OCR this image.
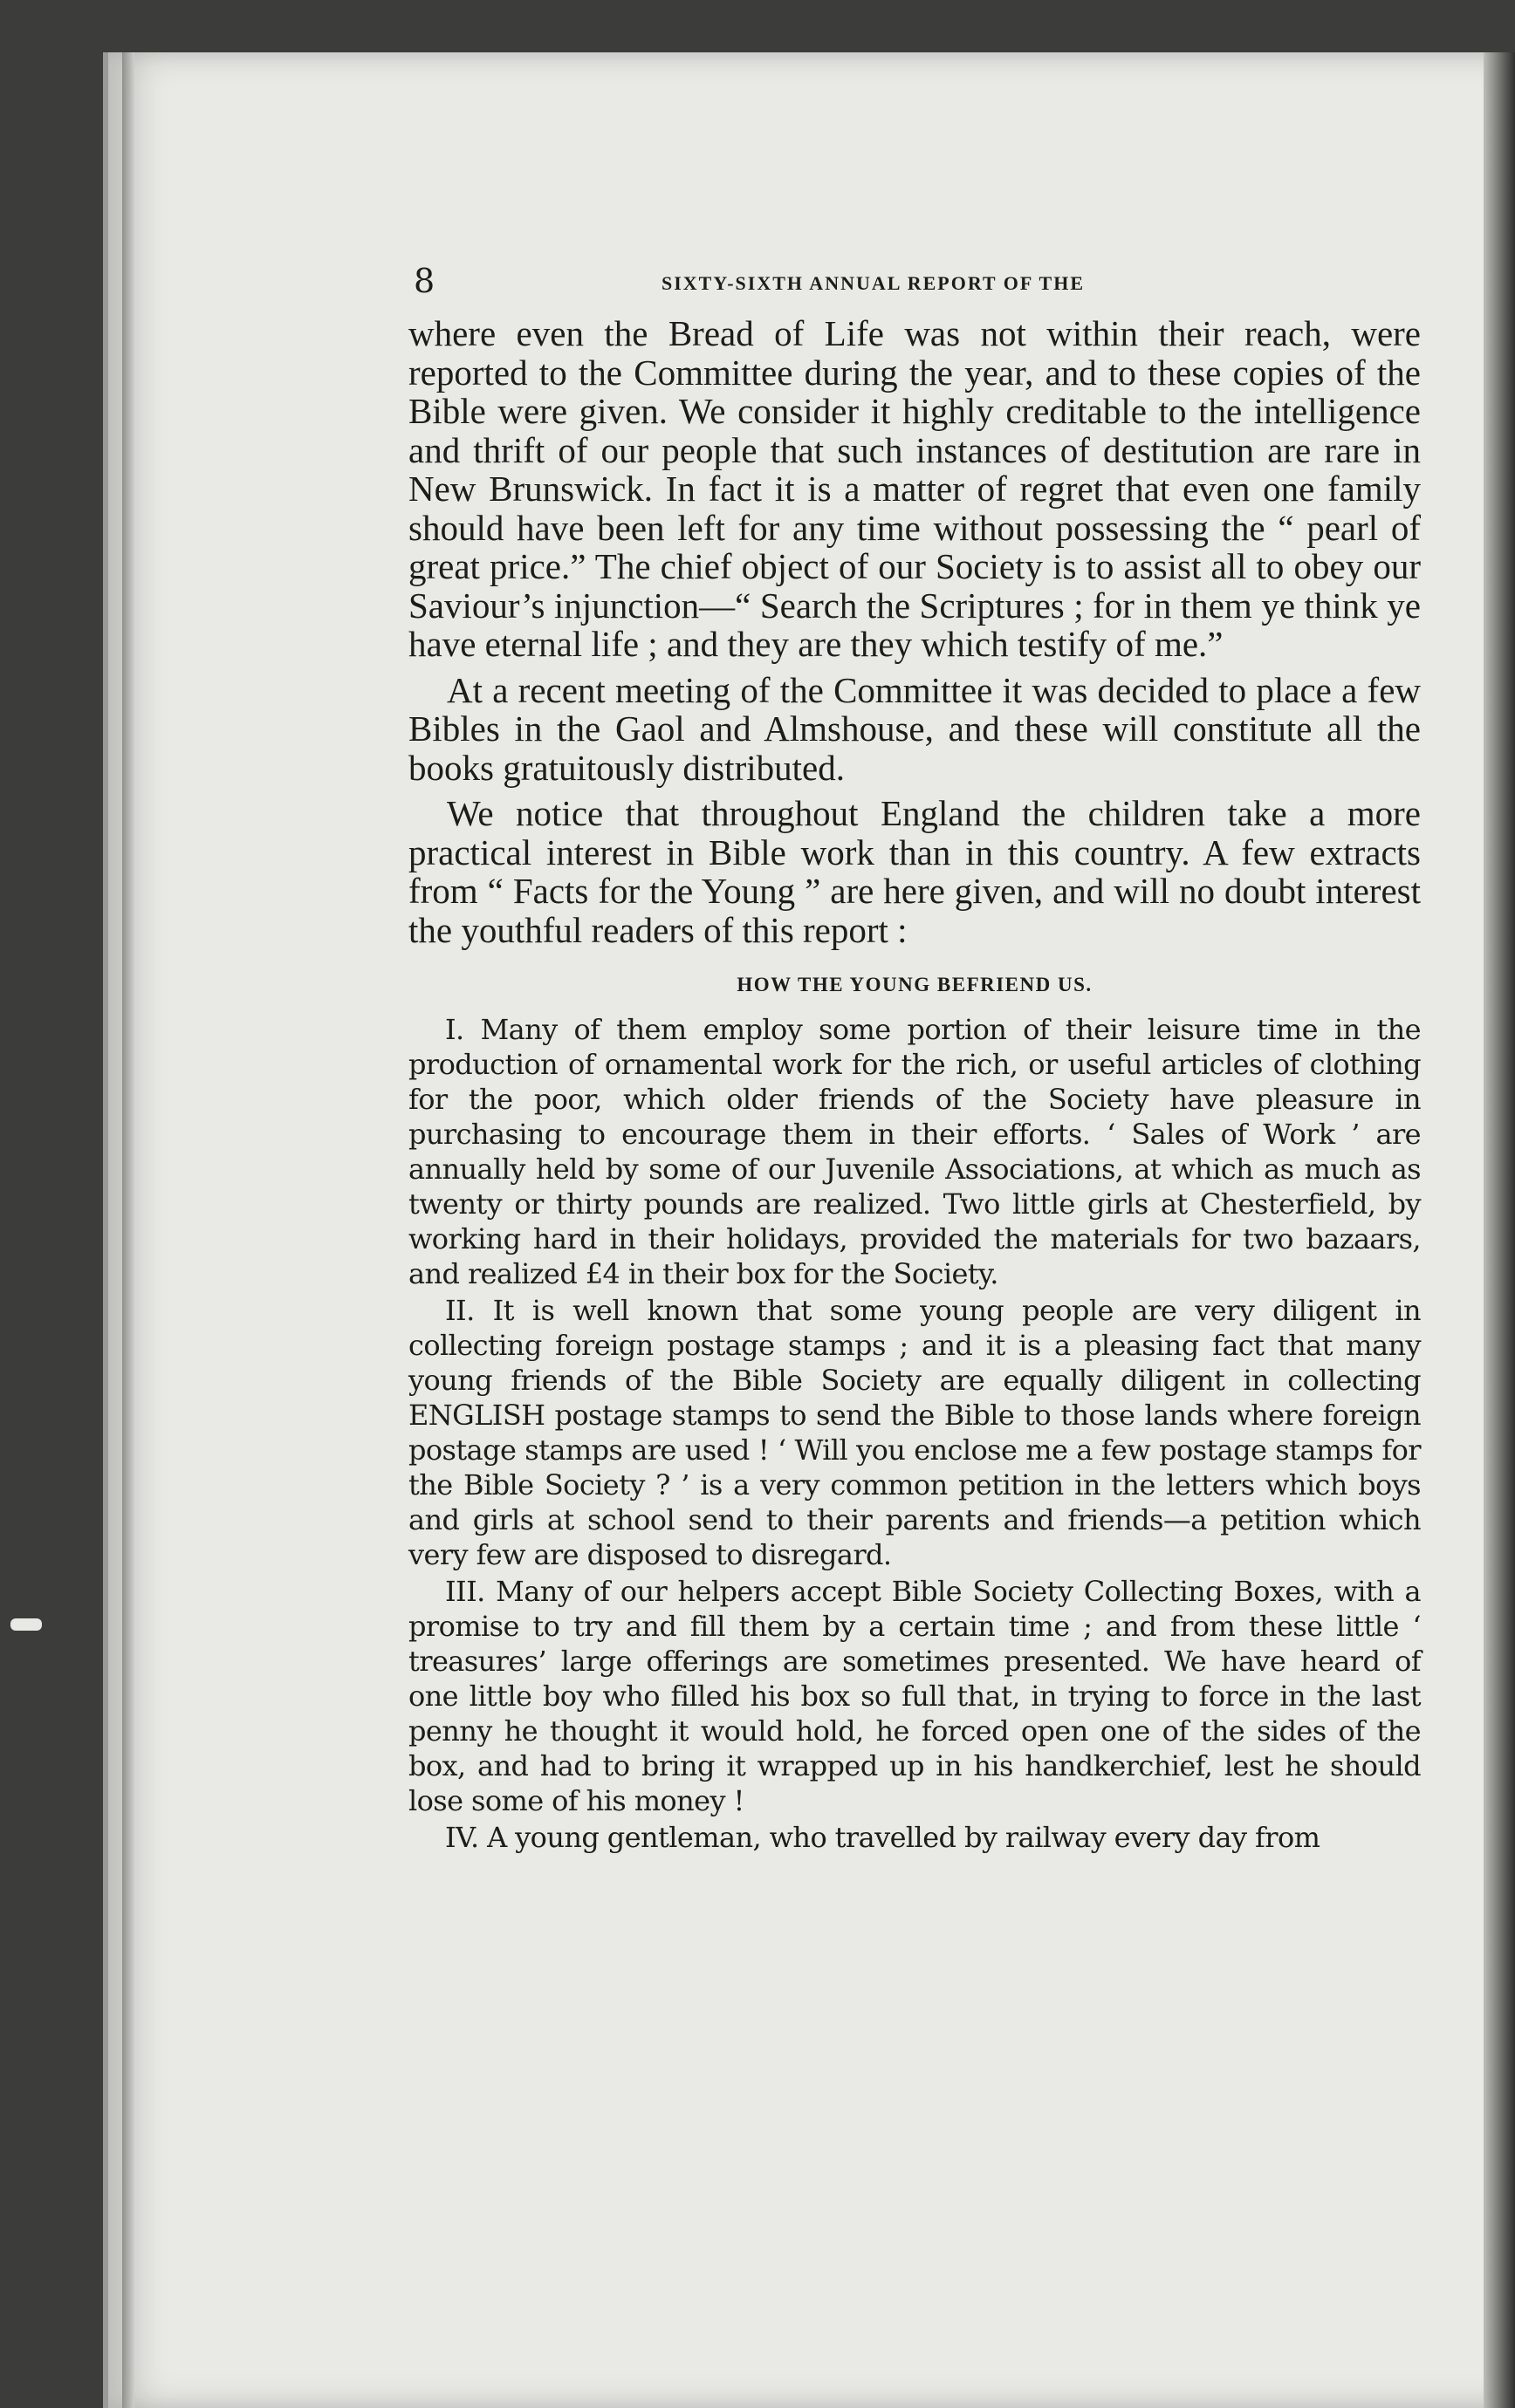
8	SIXTY-SIXTH ANNUAL REPORT OF THE

where even the Bread of Life was not within their reach, were reported to the Committee during the year, and to these copies of the Bible were given. We consider it highly creditable to the intelligence and thrift of our people that such instances of destitution are rare in New Brunswick. In fact it is a matter of regret that even one family should have been left for any time without possessing the “ pearl of great price.” The chief object of our Society is to assist all to obey our Saviour’s injunction—“ Search the Scriptures ; for in them ye think ye have eternal life ; and they are they which testify of me.”

At a recent meeting of the Committee it was decided to place a few Bibles in the Gaol and Almshouse, and these will constitute all the books gratuitously distributed.

We notice that throughout England the children take a more practical interest in Bible work than in this country. A few extracts from “ Facts for the Young ” are here given, and will no doubt interest the youthful readers of this report :

HOW THE YOUNG BEFRIEND US.

I. Many of them employ some portion of their leisure time in the production of ornamental work for the rich, or useful articles of clothing for the poor, which older friends of the Society have pleasure in purchasing to encourage them in their efforts. ‘ Sales of Work ’ are annually held by some of our Juvenile Associations, at which as much as twenty or thirty pounds are realized. Two little girls at Chesterfield, by working hard in their holidays, provided the materials for two bazaars, and realized £4 in their box for the Society.

II. It is well known that some young people are very diligent in collecting foreign postage stamps ; and it is a pleasing fact that many young friends of the Bible Society are equally diligent in collecting ENGLISH postage stamps to send the Bible to those lands where foreign postage stamps are used ! ‘ Will you enclose me a few postage stamps for the Bible Society ? ’ is a very common petition in the letters which boys and girls at school send to their parents and friends—a petition which very few are disposed to disregard.

III. Many of our helpers accept Bible Society Collecting Boxes, with a promise to try and fill them by a certain time ; and from these little ‘ treasures’ large offerings are sometimes presented. We have heard of one little boy who filled his box so full that, in trying to force in the last penny he thought it would hold, he forced open one of the sides of the box, and had to bring it wrapped up in his handkerchief, lest he should lose some of his money !

IV. A young gentleman, who travelled by railway every day from
